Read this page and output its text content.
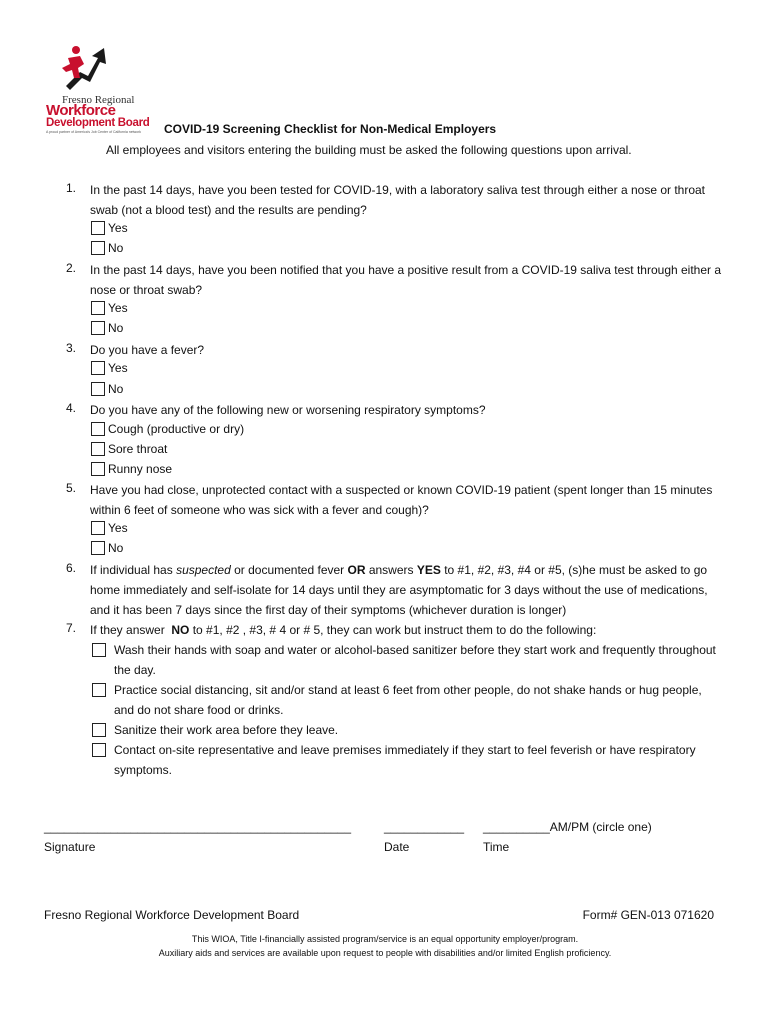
Fresno Regional
Workforce
Development Board
A proud partner of America's Job Center of California network COVID-19 Screening Checklist for Non-Medical Employers
All employees and visitors entering the building must be asked the following questions upon arrival.
1. In the past 14 days, have you been tested for COVID-19, with a laboratory saliva test through either a nose or throat swab (not a blood test) and the results are pending?
Yes
No
2. In the past 14 days, have you been notified that you have a positive result from a COVID-19 saliva test through either a nose or throat swab?
Yes
No
3. Do you have a fever?
Yes
No
4. Do you have any of the following new or worsening respiratory symptoms?
Cough (productive or dry)
Sore throat
Runny nose
5. Have you had close, unprotected contact with a suspected or known COVID-19 patient (spent longer than 15 minutes within 6 feet of someone who was sick with a fever and cough)?
Yes
No
6. If individual has suspected or documented fever OR answers YES to #1, #2, #3, #4 or #5, (s)he must be asked to go home immediately and self-isolate for 14 days until they are asymptomatic for 3 days without the use of medications, and it has been 7 days since the first day of their symptoms (whichever duration is longer)
7. If they answer  NO to #1, #2 , #3, # 4 or # 5, they can work but instruct them to do the following:
Wash their hands with soap and water or alcohol-based sanitizer before they start work and frequently throughout the day.
Practice social distancing, sit and/or stand at least 6 feet from other people, do not shake hands or hug people, and do not share food or drinks.
Sanitize their work area before they leave.
Contact on-site representative and leave premises immediately if they start to feel feverish or have respiratory symptoms.
______________________________________________	____________ __________AM/PM (circle one)
Signature	Date	Time
Fresno Regional Workforce Development Board	Form# GEN-013 071620
This WIOA, Title I-financially assisted program/service is an equal opportunity employer/program.
Auxiliary aids and services are available upon request to people with disabilities and/or limited English proficiency.
